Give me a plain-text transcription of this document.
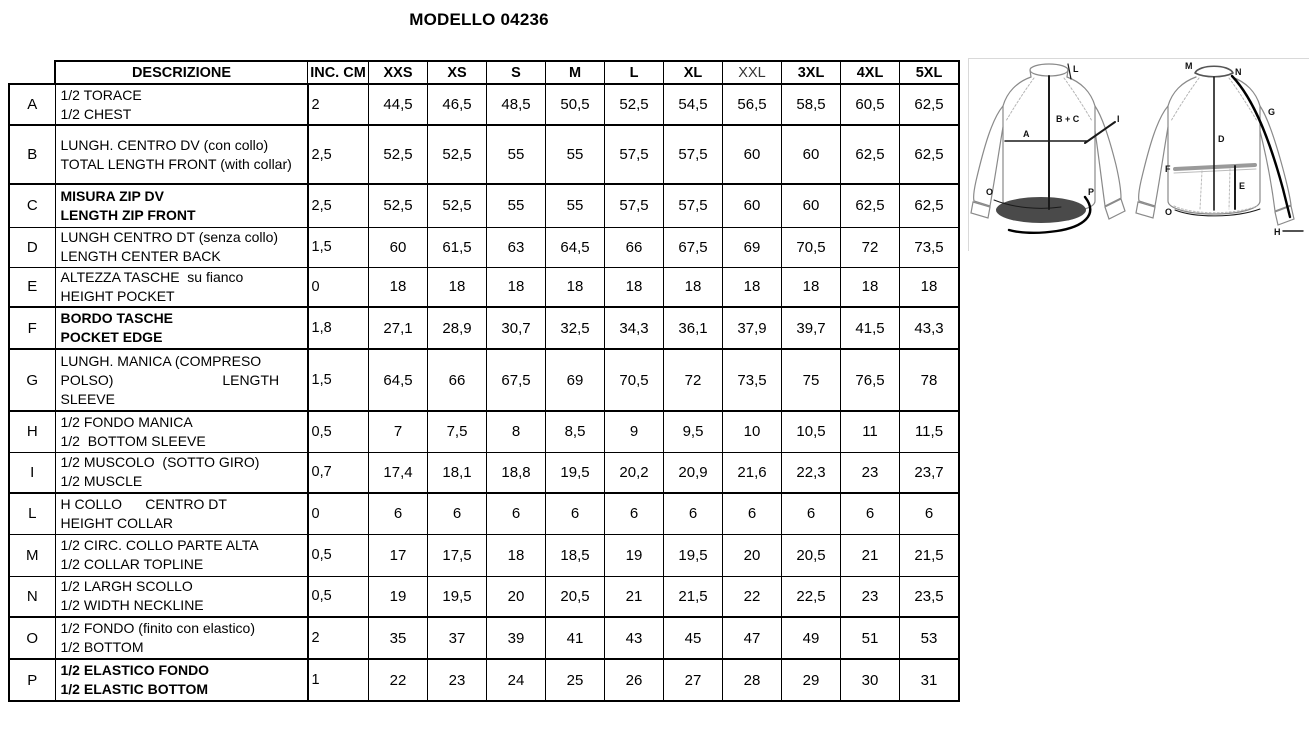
MODELLO 04236
	DESCRIZIONE	INC. CM	XXS	XS	S	M	L	XL	XXL	3XL	4XL	5XL
A	1/2 TORACE
1/2 CHEST	2	44,5	46,5	48,5	50,5	52,5	54,5	56,5	58,5	60,5	62,5
B	LUNGH. CENTRO DV (con collo)
TOTAL LENGTH FRONT (with collar)	2,5	52,5	52,5	55	55	57,5	57,5	60	60	62,5	62,5
C	MISURA ZIP DV
LENGTH ZIP FRONT	2,5	52,5	52,5	55	55	57,5	57,5	60	60	62,5	62,5
D	LUNGH CENTRO DT (senza collo)
LENGTH CENTER BACK	1,5	60	61,5	63	64,5	66	67,5	69	70,5	72	73,5
E	ALTEZZA TASCHE  su fianco
HEIGHT POCKET	0	18	18	18	18	18	18	18	18	18	18
F	BORDO TASCHE
POCKET EDGE	1,8	27,1	28,9	30,7	32,5	34,3	36,1	37,9	39,7	41,5	43,3
G	LUNGH. MANICA (COMPRESO
POLSO)                            LENGTH
SLEEVE	1,5	64,5	66	67,5	69	70,5	72	73,5	75	76,5	78
H	1/2 FONDO MANICA
1/2  BOTTOM SLEEVE	0,5	7	7,5	8	8,5	9	9,5	10	10,5	11	11,5
I	1/2 MUSCOLO  (SOTTO GIRO)
1/2 MUSCLE	0,7	17,4	18,1	18,8	19,5	20,2	20,9	21,6	22,3	23	23,7
L	H COLLO      CENTRO DT
HEIGHT COLLAR	0	6	6	6	6	6	6	6	6	6	6
M	1/2 CIRC. COLLO PARTE ALTA
1/2 COLLAR TOPLINE	0,5	17	17,5	18	18,5	19	19,5	20	20,5	21	21,5
N	1/2 LARGH SCOLLO
1/2 WIDTH NECKLINE	0,5	19	19,5	20	20,5	21	21,5	22	22,5	23	23,5
O	1/2 FONDO (finito con elastico)
1/2 BOTTOM	2	35	37	39	41	43	45	47	49	51	53
P	1/2 ELASTICO FONDO
1/2 ELASTIC BOTTOM	1	22	23	24	25	26	27	28	29	30	31
L
B + C
A
I
O	P
M
N
G
D
F
E
O
H
